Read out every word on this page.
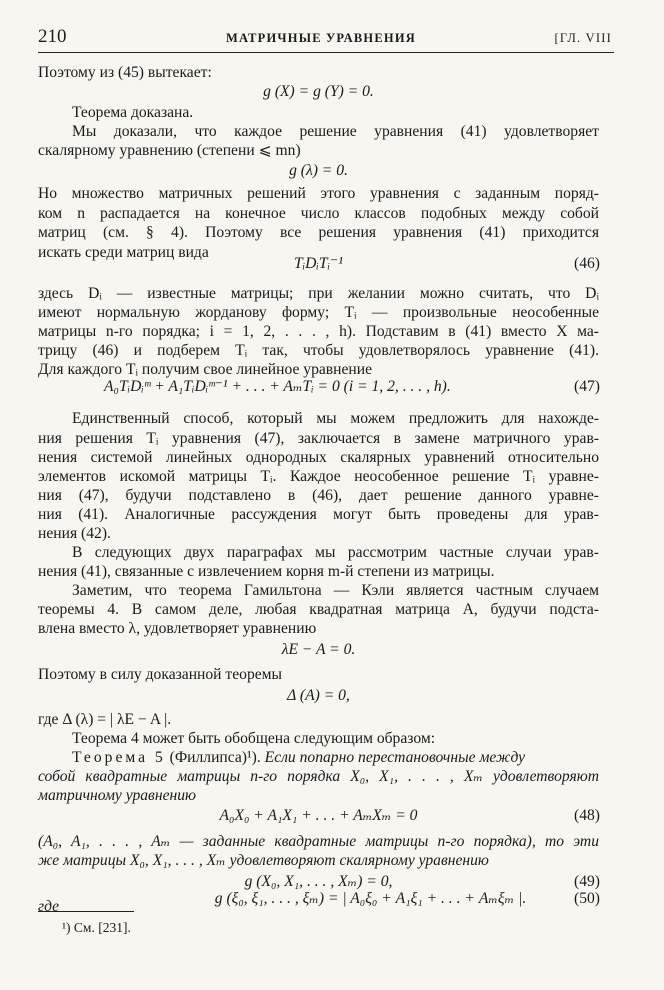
210	МАТРИЧНЫЕ УРАВНЕНИЯ	[ГЛ. VIII
Поэтому из (45) вытекает:
g (X) = g (Y) = 0.
Теорема доказана.
Мы доказали, что каждое решение уравнения (41) удовлетворяет
скалярному уравнению (степени ⩽ mn)
g (λ) = 0.
Но множество матричных решений этого уравнения с заданным поряд-
ком n распадается на конечное число классов подобных между собой
матриц (см. § 4). Поэтому все решения уравнения (41) приходится
искать среди матриц вида
TᵢDᵢTᵢ⁻¹	(46)
здесь Dᵢ — известные матрицы; при желании можно считать, что Dᵢ
имеют нормальную жорданову форму; Tᵢ — произвольные неособенные
матрицы n-го порядка; i = 1, 2, . . . , h). Подставим в (41) вместо X ма-
трицу (46) и подберем Tᵢ так, чтобы удовлетворялось уравнение (41).
Для каждого Tᵢ получим свое линейное уравнение
A₀TᵢDᵢᵐ + A₁TᵢDᵢᵐ⁻¹ + . . . + AₘTᵢ = 0 (i = 1, 2, . . . , h).	(47)
Единственный способ, который мы можем предложить для нахожде-
ния решения Tᵢ уравнения (47), заключается в замене матричного урав-
нения системой линейных однородных скалярных уравнений относительно
элементов искомой матрицы Tᵢ. Каждое неособенное решение Tᵢ уравне-
ния (47), будучи подставлено в (46), дает решение данного уравне-
ния (41). Аналогичные рассуждения могут быть проведены для урав-
нения (42).
В следующих двух параграфах мы рассмотрим частные случаи урав-
нения (41), связанные с извлечением корня m-й степени из матрицы.
Заметим, что теорема Гамильтона — Кэли является частным случаем
теоремы 4. В самом деле, любая квадратная матрица A, будучи подста-
влена вместо λ, удовлетворяет уравнению
λE − A = 0.
Поэтому в силу доказанной теоремы
Δ (A) = 0,
где Δ (λ) = | λE − A |.
Теорема 4 может быть обобщена следующим образом:
Теорема 5 (Филлипса)¹). Если попарно перестановочные между
собой квадратные матрицы n-го порядка X₀, X₁, . . . , Xₘ удовлетворяют
матричному уравнению
A₀X₀ + A₁X₁ + . . . + AₘXₘ = 0	(48)
(A₀, A₁, . . . , Aₘ — заданные квадратные матрицы n-го порядка), то эти
же матрицы X₀, X₁, . . . , Xₘ удовлетворяют скалярному уравнению
g (X₀, X₁, . . . , Xₘ) = 0,	(49)
где	g (ξ₀, ξ₁, . . . , ξₘ) = | A₀ξ₀ + A₁ξ₁ + . . . + Aₘξₘ |.	(50)
¹) См. [231].
